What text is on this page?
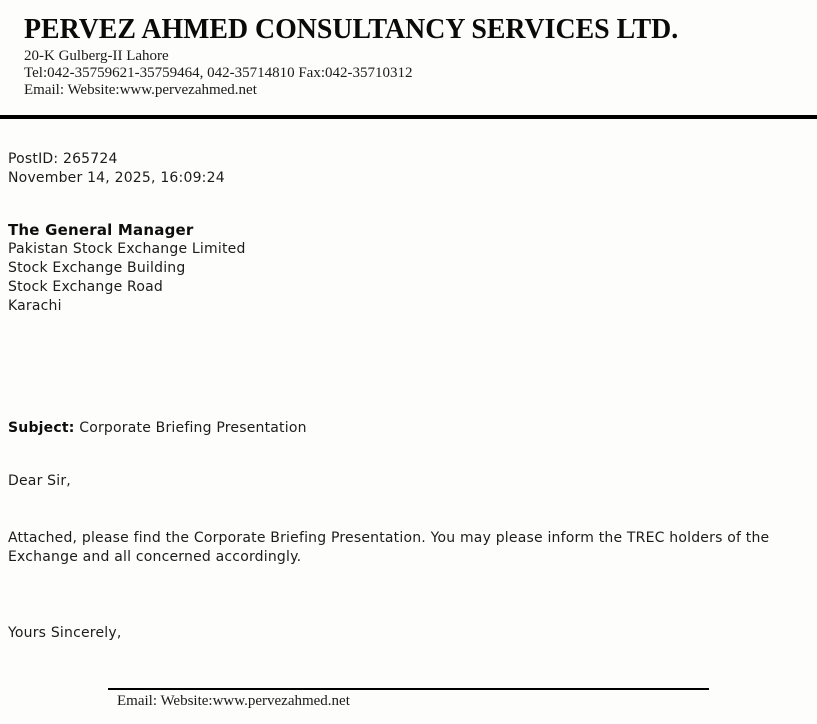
PERVEZ AHMED CONSULTANCY SERVICES LTD.
20-K Gulberg-II Lahore
Tel:042-35759621-35759464, 042-35714810 Fax:042-35710312
Email: Website:www.pervezahmed.net
PostID: 265724
November 14, 2025, 16:09:24
The General Manager
Pakistan Stock Exchange Limited
Stock Exchange Building
Stock Exchange Road
Karachi
Subject: Corporate Briefing Presentation
Dear Sir,
Attached, please find the Corporate Briefing Presentation. You may please inform the TREC holders of the Exchange and all concerned accordingly.
Yours Sincerely,
Email: Website:www.pervezahmed.net
